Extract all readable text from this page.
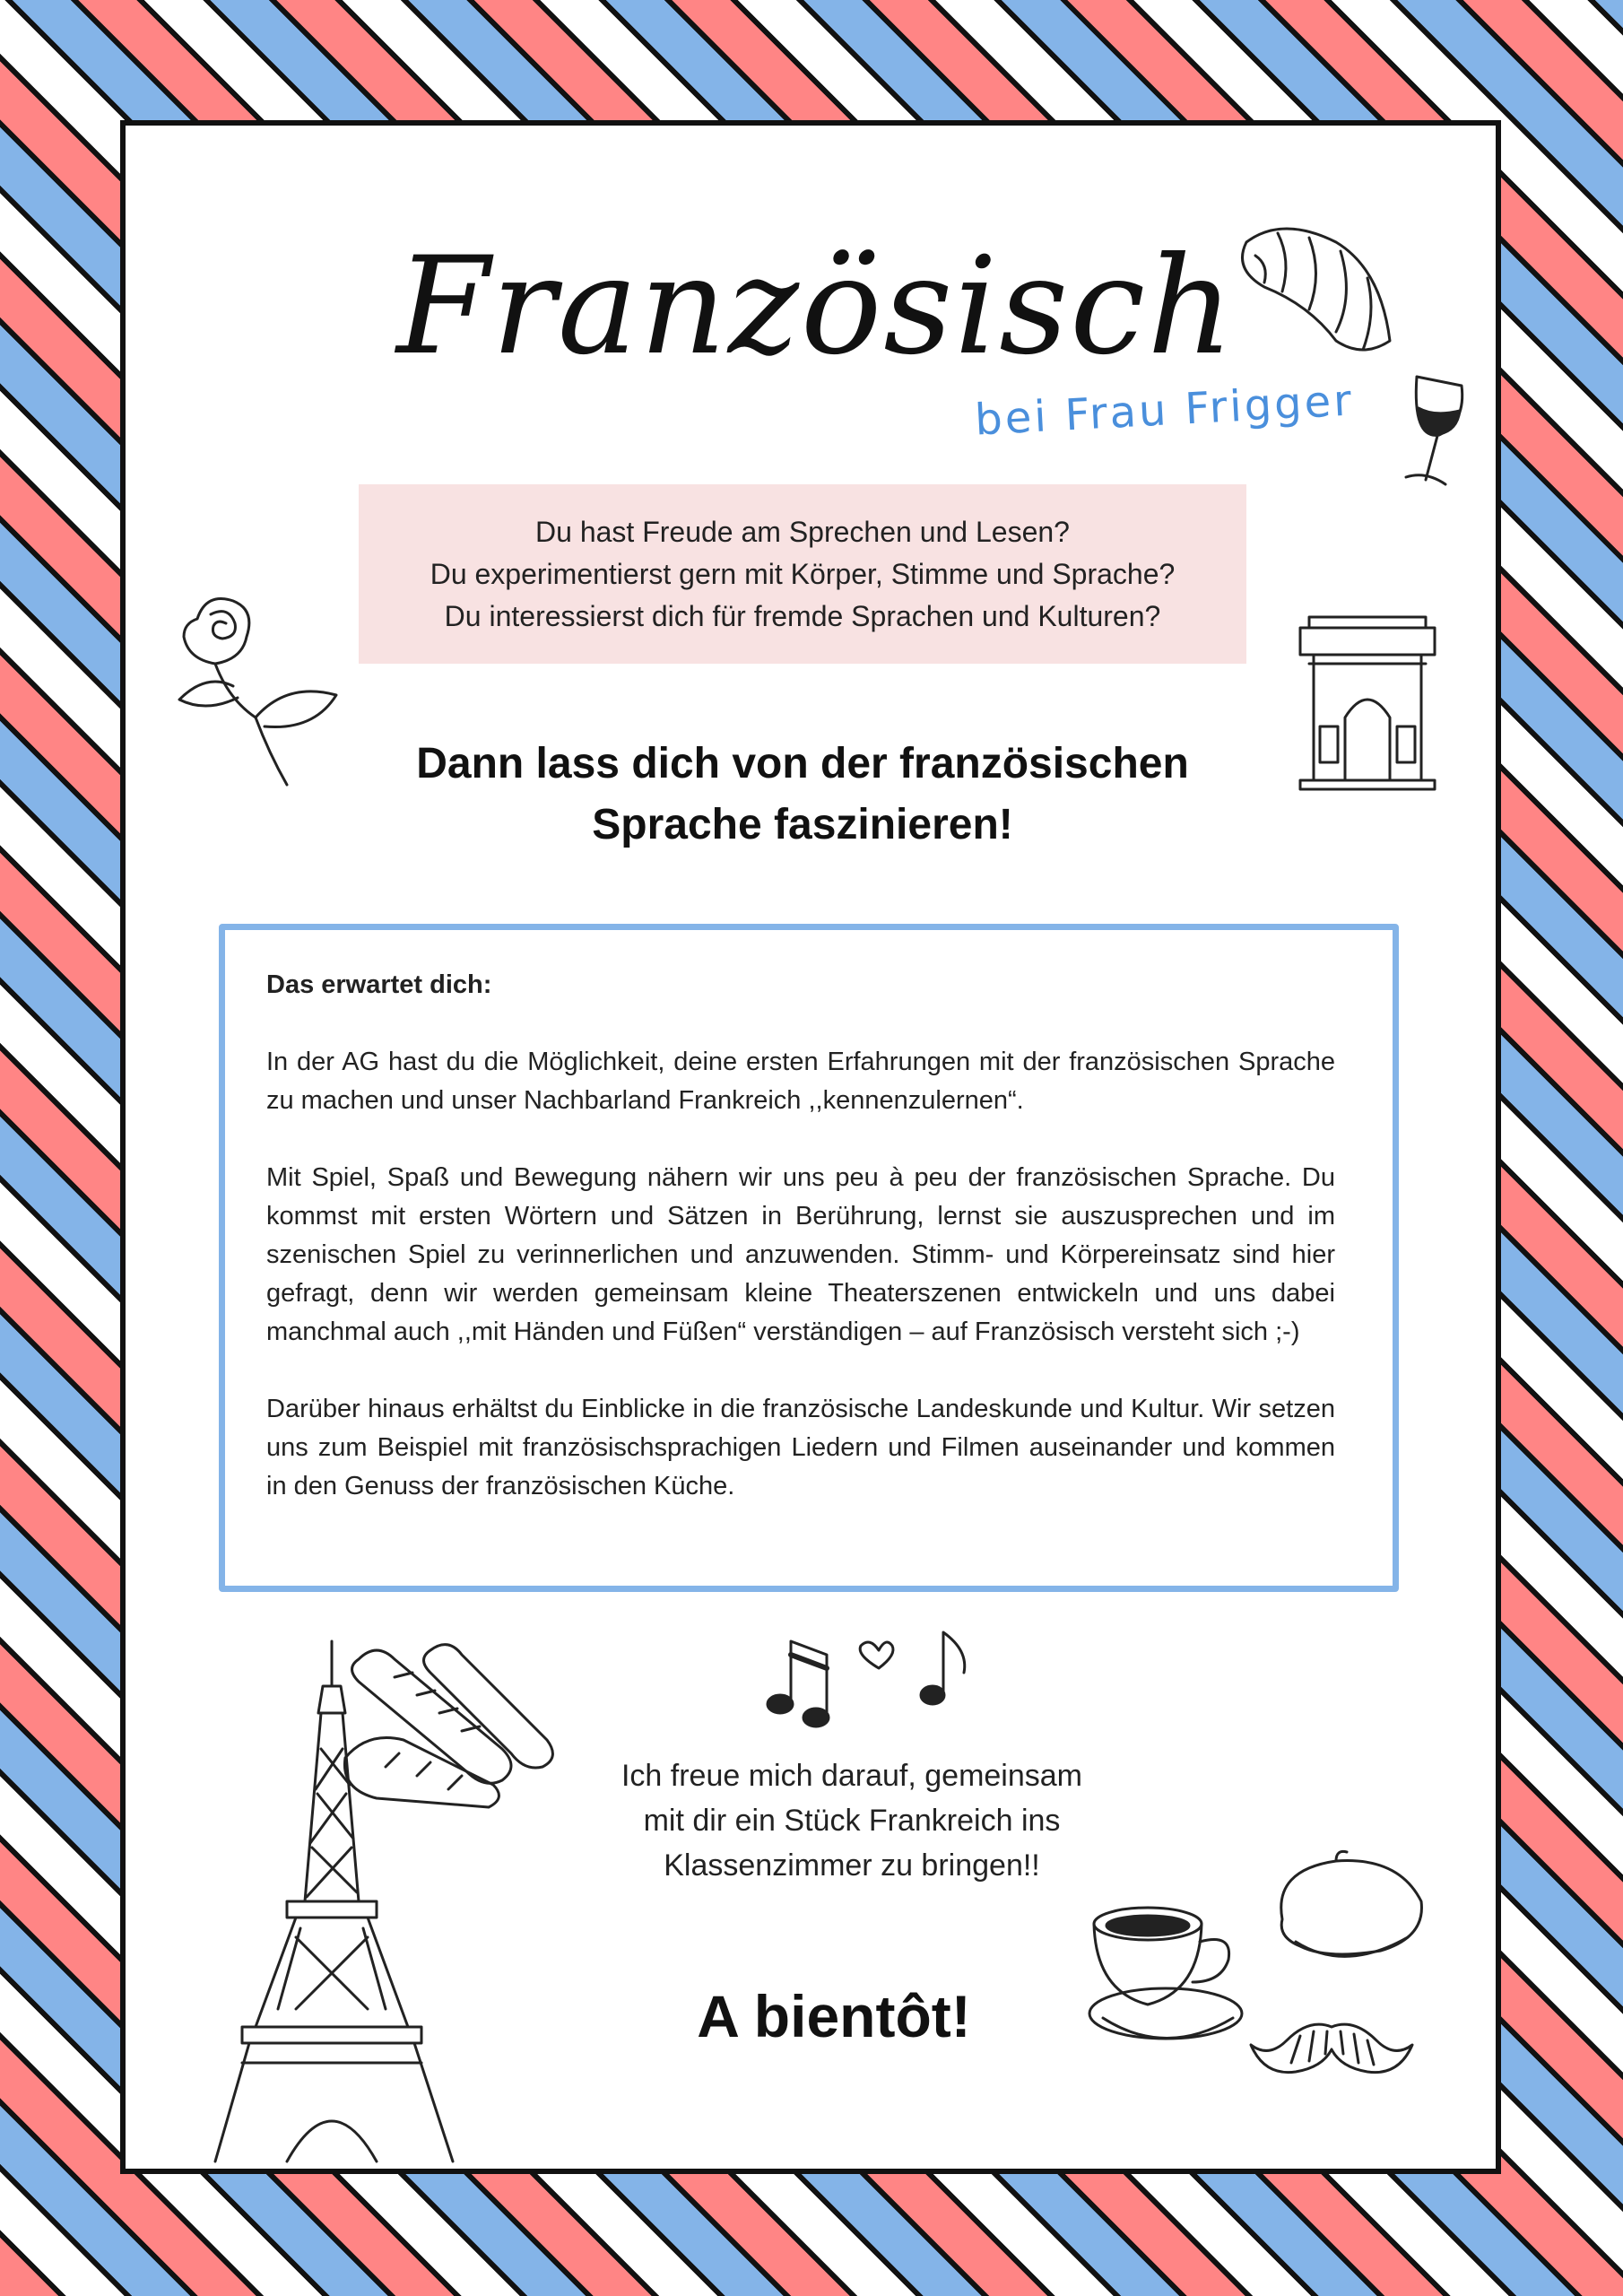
Französisch
bei Frau Frigger
Du hast Freude am Sprechen und Lesen?
Du experimentierst gern mit Körper, Stimme und Sprache?
Du interessierst dich für fremde Sprachen und Kulturen?
Dann lass dich von der französischen
Sprache faszinieren!
Das erwartet dich:

In der AG hast du die Möglichkeit, deine ersten Erfahrungen mit der französischen Sprache zu machen und unser Nachbarland Frankreich ,,kennenzulernen“.

Mit Spiel, Spaß und Bewegung nähern wir uns peu à peu der französischen Sprache. Du kommst mit ersten Wörtern und Sätzen in Berührung, lernst sie auszusprechen und im szenischen Spiel zu verinnerlichen und anzuwenden. Stimm- und Körpereinsatz sind hier gefragt, denn wir werden gemeinsam kleine Theaterszenen entwickeln und uns dabei manchmal auch ,,mit Händen und Füßen“ verständigen – auf Französisch versteht sich ;-)

Darüber hinaus erhältst du Einblicke in die französische Landeskunde und Kultur. Wir setzen uns zum Beispiel mit französischsprachigen Liedern und Filmen auseinander und kommen in den Genuss der französischen Küche.

Ich freue mich darauf, gemeinsam
mit dir ein Stück Frankreich ins
Klassenzimmer zu bringen!!
A bientôt!
